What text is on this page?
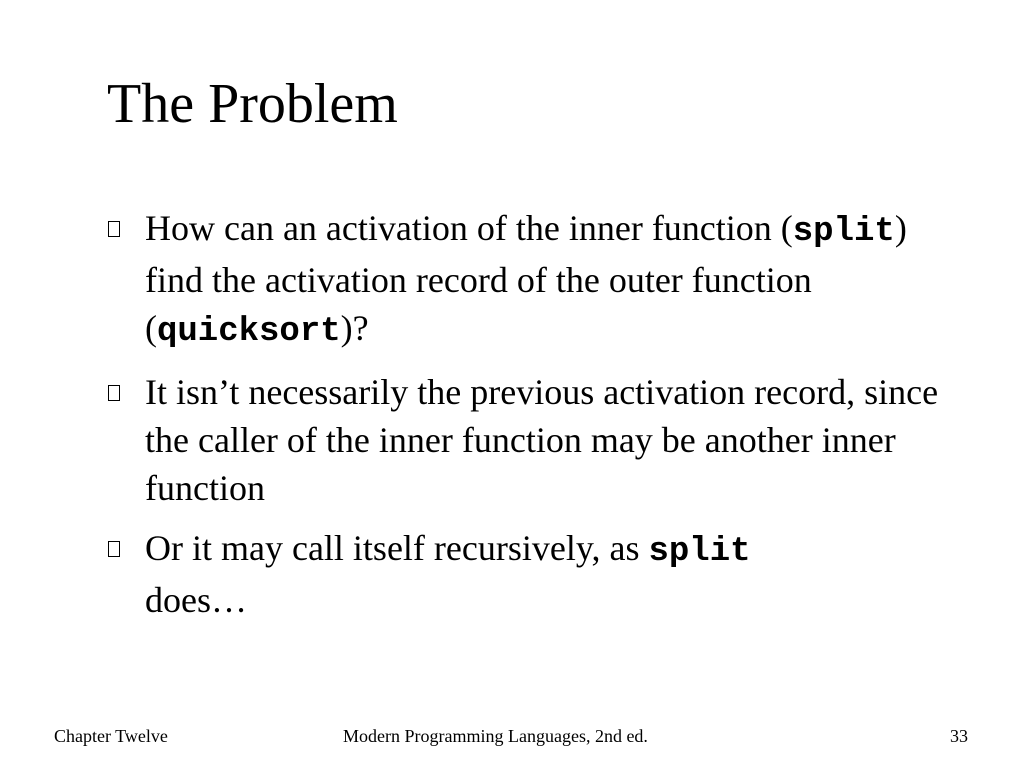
The Problem
How can an activation of the inner function (split) find the activation record of the outer function (quicksort)?
It isn’t necessarily the previous activation record, since the caller of the inner function may be another inner function
Or it may call itself recursively, as split
does…
Chapter Twelve	Modern Programming Languages, 2nd ed.	33
